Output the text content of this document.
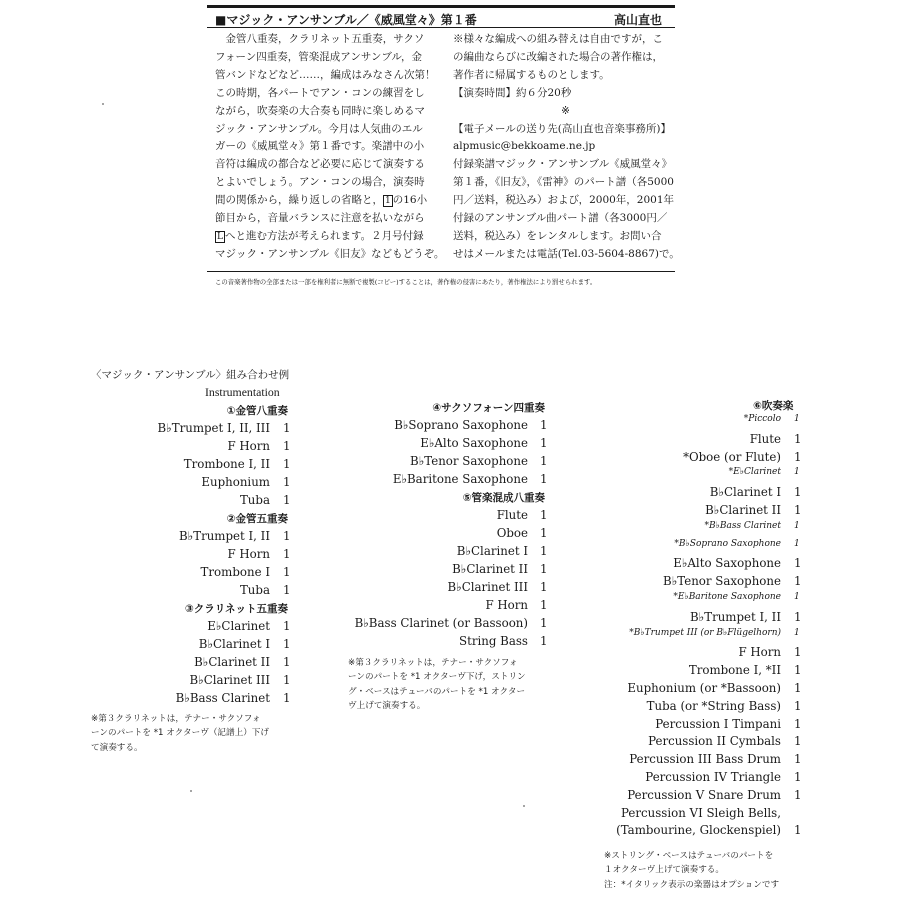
■マジック・アンサンブル／《威風堂々》第１番	高山直也
　金管八重奏，クラリネット五重奏，サクソ
フォーン四重奏，管楽混成アンサンブル，金
管バンドなどなど……，編成はみなさん次第！
この時期，各パートでアン・コンの練習をし
ながら，吹奏楽の大合奏も同時に楽しめるマ
ジック・アンサンブル。今月は人気曲のエル
ガーの《威風堂々》第１番です。楽譜中の小
音符は編成の都合など必要に応じて演奏する
とよいでしょう。アン・コンの場合，演奏時
間の関係から，繰り返しの省略と， 1 の16小
節目から，音量バランスに注意を払いながら
L へと進む方法が考えられます。２月号付録
マジック・アンサンブル《旧友》などもどうぞ。
※様々な編成への組み替えは自由ですが，こ
の編曲ならびに改編された場合の著作権は，
著作者に帰属するものとします。
【演奏時間】約６分20秒
※
【電子メールの送り先(高山直也音楽事務所)】
alpmusic@bekkoame.ne.jp
付録楽譜マジック・アンサンブル《威風堂々》
第１番，《旧友》，《雷神》のパート譜（各5000
円／送料，税込み）および，2000年，2001年
付録のアンサンブル曲パート譜（各3000円／
送料，税込み）をレンタルします。お問い合
せはメールまたは電話(Tel.03-5604-8867)で。
この音楽著作物の全部または一部を権利者に無断で複製(コピー)することは，著作権の侵害にあたり，著作権法により罰せられます。
〈マジック・アンサンブル〉組み合わせ例
Instrumentation
①金管八重奏
B♭Trumpet I, II, III 1
F Horn 1
Trombone I, II 1
Euphonium 1
Tuba 1
②金管五重奏
B♭Trumpet I, II 1
F Horn 1
Trombone I 1
Tuba 1
③クラリネット五重奏
E♭Clarinet 1
B♭Clarinet I 1
B♭Clarinet II 1
B♭Clarinet III 1
B♭Bass Clarinet 1
※第３クラリネットは，テナー・サクソフォ
ーンのパートを *1 オクターヴ（記譜上）下げ
て演奏する。
④サクソフォーン四重奏
B♭Soprano Saxophone 1
E♭Alto Saxophone 1
B♭Tenor Saxophone 1
E♭Baritone Saxophone 1
⑤管楽混成八重奏
Flute 1
Oboe 1
B♭Clarinet I 1
B♭Clarinet II 1
B♭Clarinet III 1
F Horn 1
B♭Bass Clarinet (or Bassoon) 1
String Bass 1
※第３クラリネットは，テナー・サクソフォ
ーンのパートを *1 オクターヴ下げ，ストリン
グ・ベースはテューバのパートを *1 オクター
ヴ上げて演奏する。
⑥吹奏楽
*Piccolo 1
Flute 1
*Oboe (or Flute) 1
*E♭Clarinet 1
B♭Clarinet I 1
B♭Clarinet II 1
*B♭Bass Clarinet 1
*B♭Soprano Saxophone 1
E♭Alto Saxophone 1
B♭Tenor Saxophone 1
*E♭Baritone Saxophone 1
B♭Trumpet I, II 1
*B♭Trumpet III (or B♭Flügelhorn) 1
F Horn 1
Trombone I, *II 1
Euphonium (or *Bassoon) 1
Tuba (or *String Bass) 1
Percussion I Timpani 1
Percussion II Cymbals 1
Percussion III Bass Drum 1
Percussion IV Triangle 1
Percussion V Snare Drum 1
Percussion VI Sleigh Bells,
(Tambourine, Glockenspiel) 1
※ストリング・ベースはテューバのパートを
１オクターヴ上げて演奏する。
注：*イタリック表示の楽器はオプションです
